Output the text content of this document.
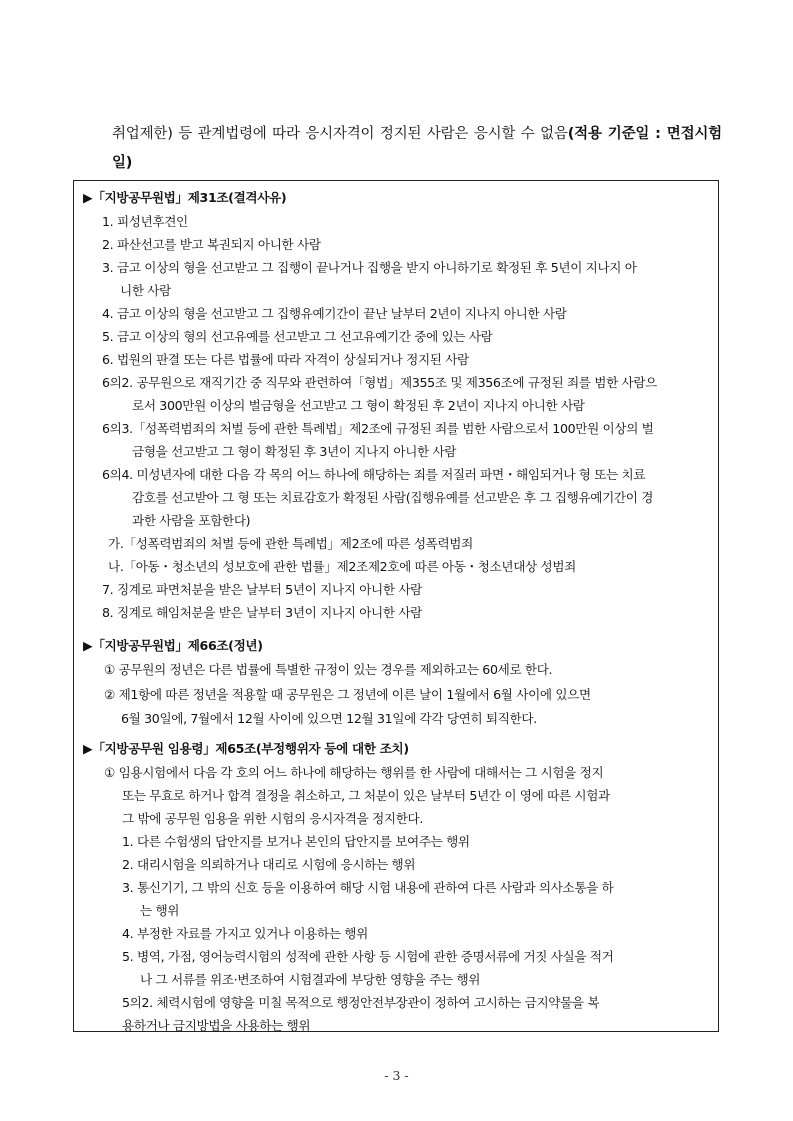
취업제한) 등 관계법령에 따라 응시자격이 정지된 사람은 응시할 수 없음(적용 기준일 : 면접시험일)
▶「지방공무원법」제31조(결격사유)
1. 피성년후견인
2. 파산선고를 받고 복권되지 아니한 사람
3. 금고 이상의 형을 선고받고 그 집행이 끝나거나 집행을 받지 아니하기로 확정된 후 5년이 지나지 아
니한 사람
4. 금고 이상의 형을 선고받고 그 집행유예기간이 끝난 날부터 2년이 지나지 아니한 사람
5. 금고 이상의 형의 선고유예를 선고받고 그 선고유예기간 중에 있는 사람
6. 법원의 판결 또는 다른 법률에 따라 자격이 상실되거나 정지된 사람
6의2. 공무원으로 재직기간 중 직무와 관련하여「형법」제355조 및 제356조에 규정된 죄를 범한 사람으
로서 300만원 이상의 벌금형을 선고받고 그 형이 확정된 후 2년이 지나지 아니한 사람
6의3.「성폭력범죄의 처벌 등에 관한 특례법」제2조에 규정된 죄를 범한 사람으로서 100만원 이상의 벌
금형을 선고받고 그 형이 확정된 후 3년이 지나지 아니한 사람
6의4. 미성년자에 대한 다음 각 목의 어느 하나에 해당하는 죄를 저질러 파면・해임되거나 형 또는 치료
감호를 선고받아 그 형 또는 치료감호가 확정된 사람(집행유예를 선고받은 후 그 집행유예기간이 경
과한 사람을 포함한다)
가.「성폭력범죄의 처벌 등에 관한 특례법」제2조에 따른 성폭력범죄
나.「아동・청소년의 성보호에 관한 법률」제2조제2호에 따른 아동・청소년대상 성범죄
7. 징계로 파면처분을 받은 날부터 5년이 지나지 아니한 사람
8. 징계로 해임처분을 받은 날부터 3년이 지나지 아니한 사람
▶「지방공무원법」제66조(정년)
① 공무원의 정년은 다른 법률에 특별한 규정이 있는 경우를 제외하고는 60세로 한다.
② 제1항에 따른 정년을 적용할 때 공무원은 그 정년에 이른 날이 1월에서 6월 사이에 있으면
6월 30일에, 7월에서 12월 사이에 있으면 12월 31일에 각각 당연히 퇴직한다.
▶「지방공무원 임용령」제65조(부정행위자 등에 대한 조치)
① 임용시험에서 다음 각 호의 어느 하나에 해당하는 행위를 한 사람에 대해서는 그 시험을 정지
또는 무효로 하거나 합격 결정을 취소하고, 그 처분이 있은 날부터 5년간 이 영에 따른 시험과
그 밖에 공무원 임용을 위한 시험의 응시자격을 정지한다.
1. 다른 수험생의 답안지를 보거나 본인의 답안지를 보여주는 행위
2. 대리시험을 의뢰하거나 대리로 시험에 응시하는 행위
3. 통신기기, 그 밖의 신호 등을 이용하여 해당 시험 내용에 관하여 다른 사람과 의사소통을 하
는 행위
4. 부정한 자료를 가지고 있거나 이용하는 행위
5. 병역, 가점, 영어능력시험의 성적에 관한 사항 등 시험에 관한 증명서류에 거짓 사실을 적거
나 그 서류를 위조·변조하여 시험결과에 부당한 영향을 주는 행위
5의2. 체력시험에 영향을 미칠 목적으로 행정안전부장관이 정하여 고시하는 금지약물을 복
용하거나 금지방법을 사용하는 행위
- 3 -
